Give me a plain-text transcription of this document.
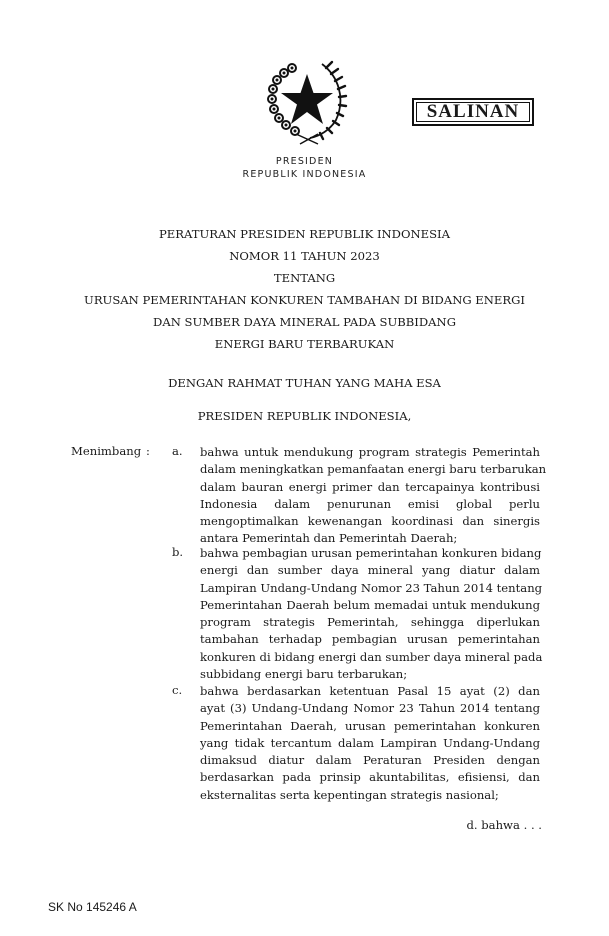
SALINAN
PRESIDEN
REPUBLIK INDONESIA
PERATURAN PRESIDEN REPUBLIK INDONESIA
NOMOR 11 TAHUN 2023
TENTANG
URUSAN PEMERINTAHAN KONKUREN TAMBAHAN DI BIDANG ENERGI
DAN SUMBER DAYA MINERAL PADA SUBBIDANG
ENERGI BARU TERBARUKAN
DENGAN RAHMAT TUHAN YANG MAHA ESA
PRESIDEN REPUBLIK INDONESIA,
Menimbang : a. bahwa untuk mendukung program strategis Pemerintah
dalam meningkatkan pemanfaatan energi baru terbarukan
dalam bauran energi primer dan tercapainya kontribusi
Indonesia dalam penurunan emisi global perlu
mengoptimalkan kewenangan koordinasi dan sinergis
antara Pemerintah dan Pemerintah Daerah;
b. bahwa pembagian urusan pemerintahan konkuren bidang
energi dan sumber daya mineral yang diatur dalam
Lampiran Undang-Undang Nomor 23 Tahun 2014 tentang
Pemerintahan Daerah belum memadai untuk mendukung
program strategis Pemerintah, sehingga diperlukan
tambahan terhadap pembagian urusan pemerintahan
konkuren di bidang energi dan sumber daya mineral pada
subbidang energi baru terbarukan;
c. bahwa berdasarkan ketentuan Pasal 15 ayat (2) dan
ayat (3) Undang-Undang Nomor 23 Tahun 2014 tentang
Pemerintahan Daerah, urusan pemerintahan konkuren
yang tidak tercantum dalam Lampiran Undang-Undang
dimaksud diatur dalam Peraturan Presiden dengan
berdasarkan pada prinsip akuntabilitas, efisiensi, dan
eksternalitas serta kepentingan strategis nasional;
d. bahwa . . .
SK No 145246 A
